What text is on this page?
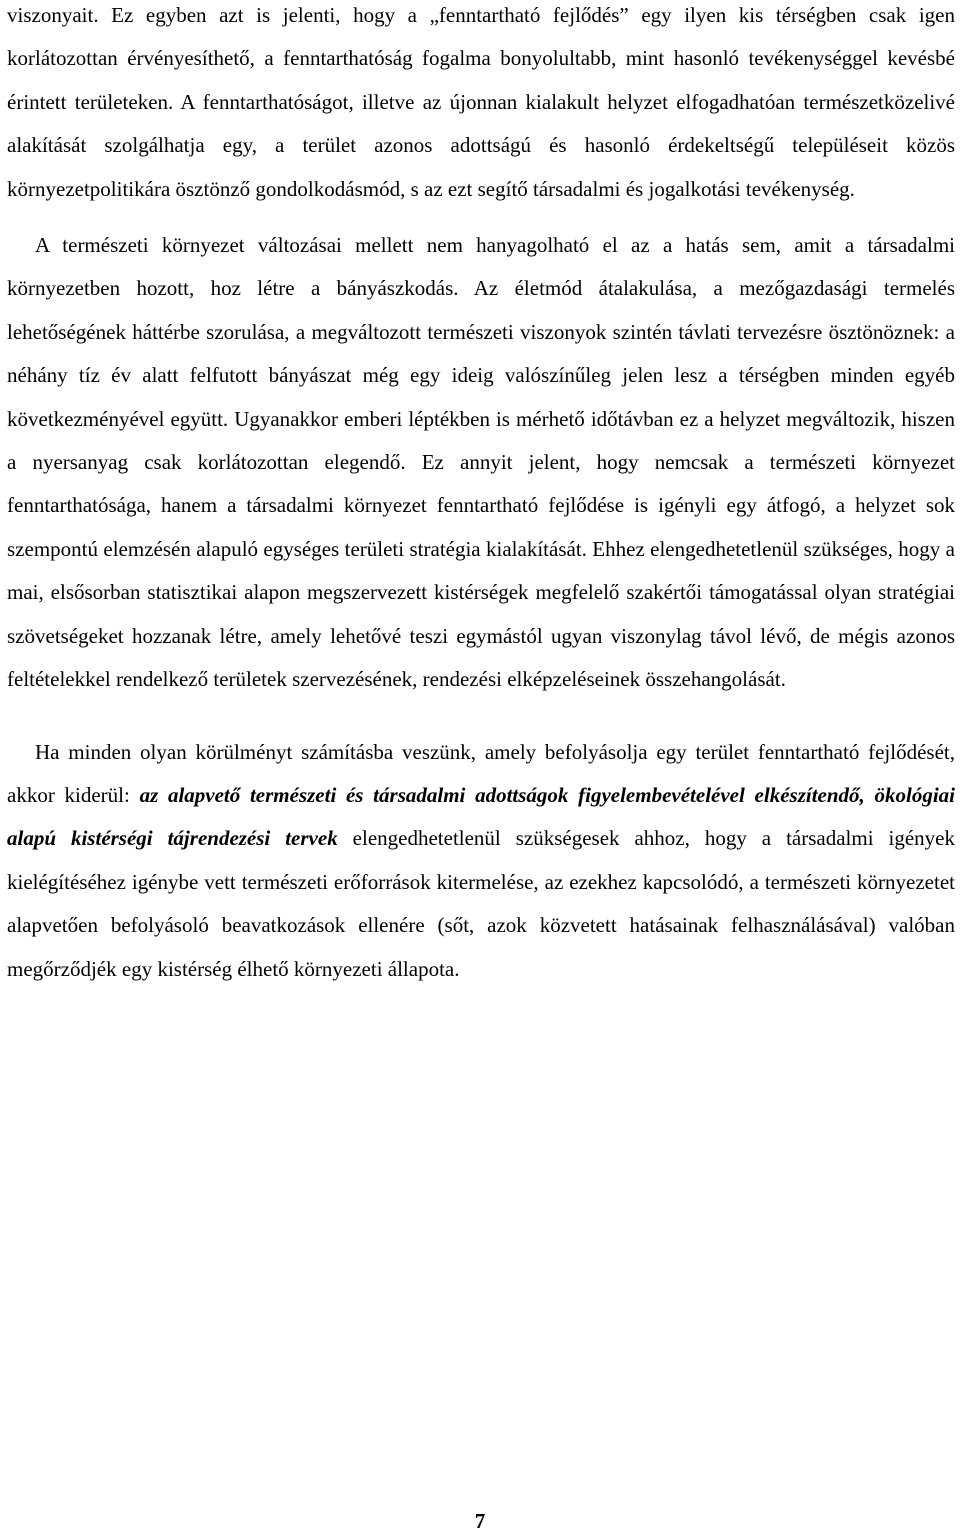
viszonyait. Ez egyben azt is jelenti, hogy a „fenntartható fejlődés” egy ilyen kis térségben csak igen korlátozottan érvényesíthető, a fenntarthatóság fogalma bonyolultabb, mint hasonló tevékenységgel kevésbé érintett területeken. A fenntarthatóságot, illetve az újonnan kialakult helyzet elfogadhatóan természetközelivé alakítását szolgálhatja egy, a terület azonos adottságú és hasonló érdekeltségű településeit közös környezetpolitikára ösztönző gondolkodásmód, s az ezt segítő társadalmi és jogalkotási tevékenység.

A természeti környezet változásai mellett nem hanyagolható el az a hatás sem, amit a társadalmi környezetben hozott, hoz létre a bányászkodás. Az életmód átalakulása, a mezőgazdasági termelés lehetőségének háttérbe szorulása, a megváltozott természeti viszonyok szintén távlati tervezésre ösztönöznek: a néhány tíz év alatt felfutott bányászat még egy ideig valószínűleg jelen lesz a térségben minden egyéb következményével együtt. Ugyanakkor emberi léptékben is mérhető időtávban ez a helyzet megváltozik, hiszen a nyersanyag csak korlátozottan elegendő. Ez annyit jelent, hogy nemcsak a természeti környezet fenntarthatósága, hanem a társadalmi környezet fenntartható fejlődése is igényli egy átfogó, a helyzet sok szempontú elemzésén alapuló egységes területi stratégia kialakítását. Ehhez elengedhetetlenül szükséges, hogy a mai, elsősorban statisztikai alapon megszervezett kistérségek megfelelő szakértői támogatással olyan stratégiai szövetségeket hozzanak létre, amely lehetővé teszi egymástól ugyan viszonylag távol lévő, de mégis azonos feltételekkel rendelkező területek szervezésének, rendezési elképzeléseinek összehangolását.

Ha minden olyan körülményt számításba veszünk, amely befolyásolja egy terület fenntartható fejlődését, akkor kiderül: az alapvető természeti és társadalmi adottságok figyelembevételével elkészítendő, ökológiai alapú kistérségi tájrendezési tervek elengedhetetlenül szükségesek ahhoz, hogy a társadalmi igények kielégítéséhez igénybe vett természeti erőforrások kitermelése, az ezekhez kapcsolódó, a természeti környezetet alapvetően befolyásoló beavatkozások ellenére (sőt, azok közvetett hatásainak felhasználásával) valóban megőrződjék egy kistérség élhető környezeti állapota.

7
